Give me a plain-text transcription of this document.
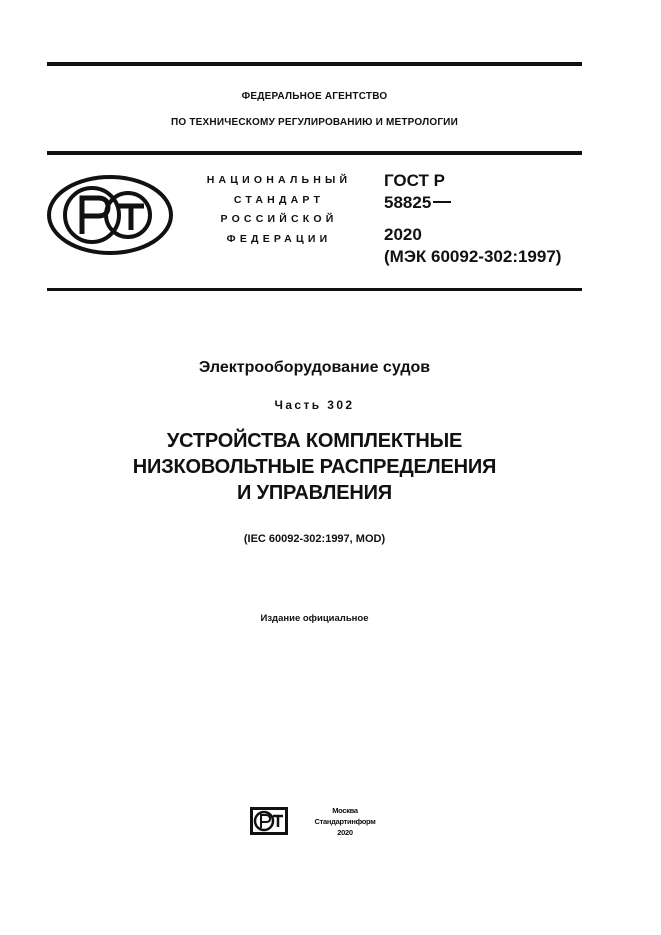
ФЕДЕРАЛЬНОЕ АГЕНТСТВО
ПО ТЕХНИЧЕСКОМУ РЕГУЛИРОВАНИЮ И МЕТРОЛОГИИ
НАЦИОНАЛЬНЫЙ
СТАНДАРТ
РОССИЙСКОЙ
ФЕДЕРАЦИИ
ГОСТ Р
58825
2020
(МЭК 60092-302:1997)
Электрооборудование судов
Часть 302
УСТРОЙСТВА КОМПЛЕКТНЫЕ
НИЗКОВОЛЬТНЫЕ РАСПРЕДЕЛЕНИЯ
И УПРАВЛЕНИЯ
(IEC 60092-302:1997, MOD)
Издание официальное
Москва
Стандартинформ
2020
